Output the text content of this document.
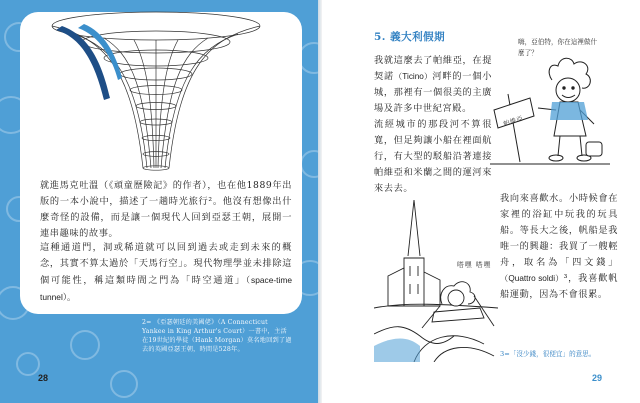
就進馬克吐溫（《頑童歷險記》的作者），也在他1889年出版的一本小說中，描述了一趟時光旅行²。他沒有想像出什麼奇怪的設備，而是讓一個現代人回到亞瑟王朝，展開一連串趣味的故事。

這種通道門，洞或稀道就可以回到過去或走到未來的概念，其實不算太過於「天馬行空」。現代物理學並未排除這個可能性，稱這類時間之門為「時空通道」（space-time tunnel）。

2= 《亞瑟朝廷的美國佬》（A Connecticut Yankee in King Arthur's Court）一書中，主活在19世紀的學徒（Hank Morgan）莫名地回到了過去的英國亞瑟王朝，時間是528年。

28
5. 義大利假期

我就這麼去了帕維亞，在提契諾（Ticino）河畔的一個小城，那裡有一個很美的主廣場及許多中世紀宮殿。

流經城市的那段河不算很寬，但足夠讓小船在裡面航行，有大型的駁船沿著連接帕維亞和米蘭之間的運河來來去去。

嗨，亞伯特，你在這裡做什麼了？

帕維亞
嗒嘿 嗒嘿

我向來喜歡水。小時候會在家裡的浴缸中玩我的玩具船。等長大之後，帆船是我唯一的興趣：我買了一艘輕舟，取名為「四文錢」（Quattro soldi）³，我喜歡帆船運動，因為不會很累。

3=「沒少錢，很便宜」的意思。

29
